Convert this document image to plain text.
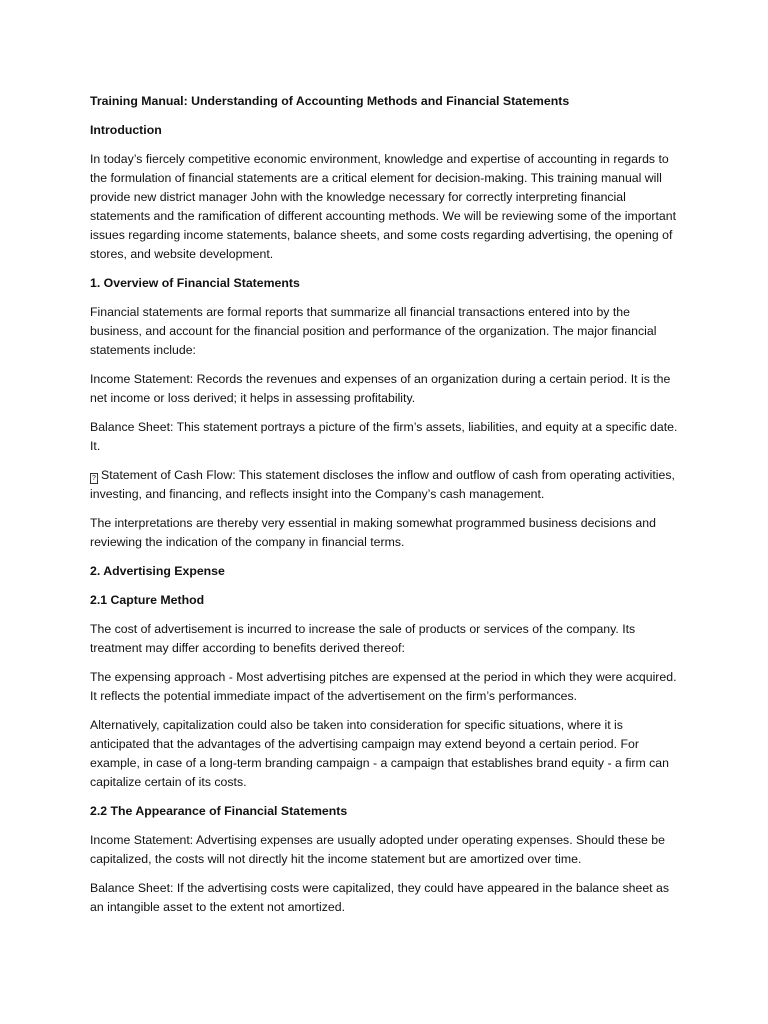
Training Manual: Understanding of Accounting Methods and Financial Statements

Introduction

In today’s fiercely competitive economic environment, knowledge and expertise of accounting in regards to the formulation of financial statements are a critical element for decision-making. This training manual will provide new district manager John with the knowledge necessary for correctly interpreting financial statements and the ramification of different accounting methods. We will be reviewing some of the important issues regarding income statements, balance sheets, and some costs regarding advertising, the opening of stores, and website development.

1. Overview of Financial Statements

Financial statements are formal reports that summarize all financial transactions entered into by the business, and account for the financial position and performance of the organization. The major financial statements include:

Income Statement: Records the revenues and expenses of an organization during a certain period. It is the net income or loss derived; it helps in assessing profitability.

Balance Sheet: This statement portrays a picture of the firm’s assets, liabilities, and equity at a specific date. It.

? Statement of Cash Flow: This statement discloses the inflow and outflow of cash from operating activities, investing, and financing, and reflects insight into the Company’s cash management.

The interpretations are thereby very essential in making somewhat programmed business decisions and reviewing the indication of the company in financial terms.

2. Advertising Expense

2.1 Capture Method

The cost of advertisement is incurred to increase the sale of products or services of the company. Its treatment may differ according to benefits derived thereof:

The expensing approach - Most advertising pitches are expensed at the period in which they were acquired. It reflects the potential immediate impact of the advertisement on the firm’s performances.

Alternatively, capitalization could also be taken into consideration for specific situations, where it is anticipated that the advantages of the advertising campaign may extend beyond a certain period. For example, in case of a long-term branding campaign - a campaign that establishes brand equity - a firm can capitalize certain of its costs.

2.2 The Appearance of Financial Statements

Income Statement: Advertising expenses are usually adopted under operating expenses. Should these be capitalized, the costs will not directly hit the income statement but are amortized over time.

Balance Sheet: If the advertising costs were capitalized, they could have appeared in the balance sheet as an intangible asset to the extent not amortized.
